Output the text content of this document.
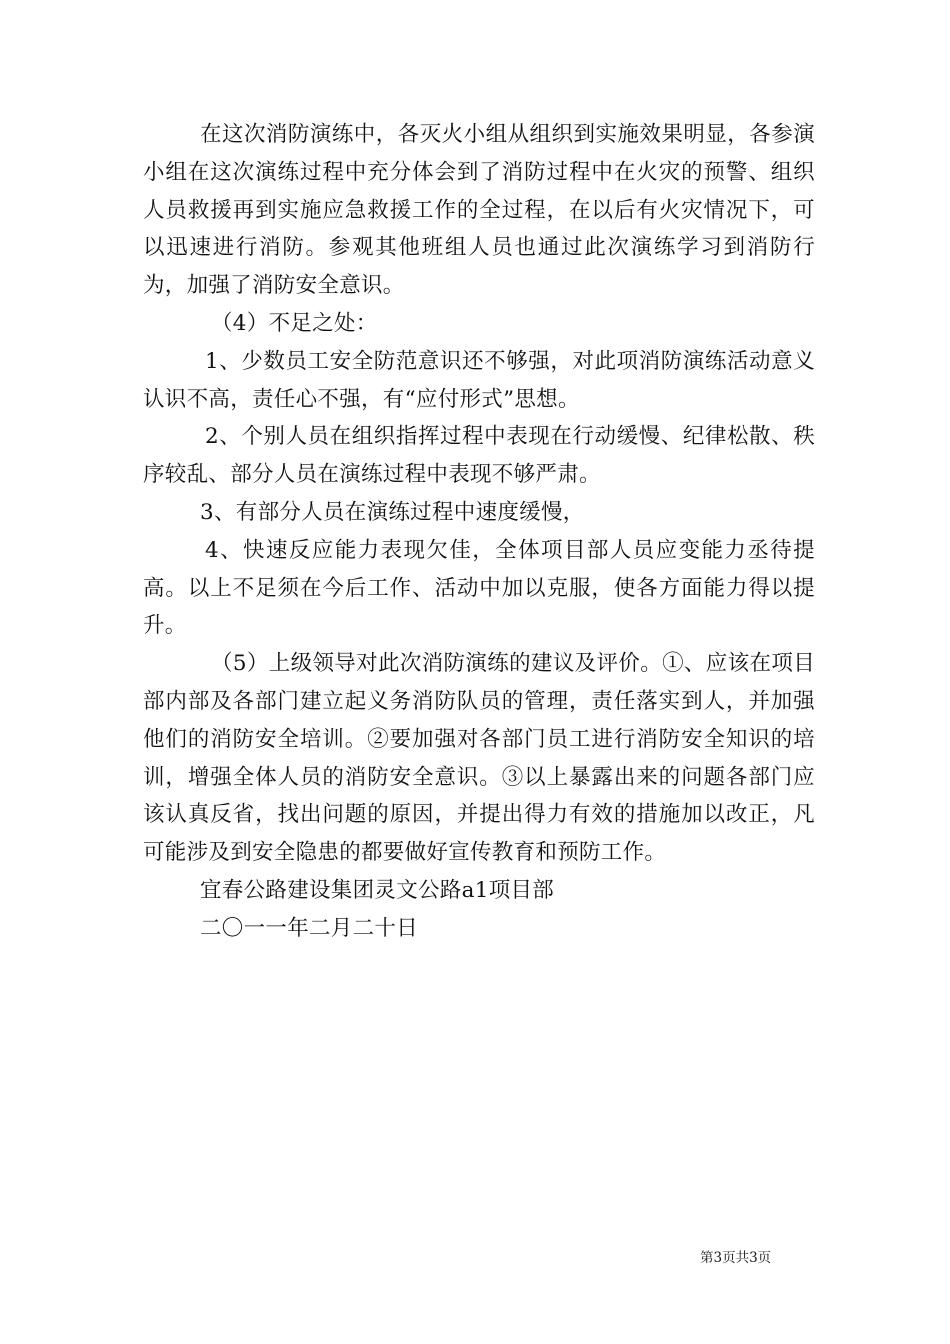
在这次消防演练中，各灭火小组从组织到实施效果明显，各参演小组在这次演练过程中充分体会到了消防过程中在火灾的预警、组织人员救援再到实施应急救援工作的全过程，在以后有火灾情况下，可以迅速进行消防。参观其他班组人员也通过此次演练学习到消防行为，加强了消防安全意识。

（4）不足之处：

1、少数员工安全防范意识还不够强，对此项消防演练活动意义认识不高，责任心不强，有“应付形式”思想。

2、个别人员在组织指挥过程中表现在行动缓慢、纪律松散、秩序较乱、部分人员在演练过程中表现不够严肃。

3、有部分人员在演练过程中速度缓慢，

4、快速反应能力表现欠佳，全体项目部人员应变能力丞待提高。以上不足须在今后工作、活动中加以克服，使各方面能力得以提升。

（5）上级领导对此次消防演练的建议及评价。①、应该在项目部内部及各部门建立起义务消防队员的管理，责任落实到人，并加强他们的消防安全培训。②要加强对各部门员工进行消防安全知识的培训，增强全体人员的消防安全意识。③以上暴露出来的问题各部门应该认真反省，找出问题的原因，并提出得力有效的措施加以改正，凡可能涉及到安全隐患的都要做好宣传教育和预防工作。

宜春公路建设集团灵文公路a1项目部

二〇一一年二月二十日

第3页共3页
